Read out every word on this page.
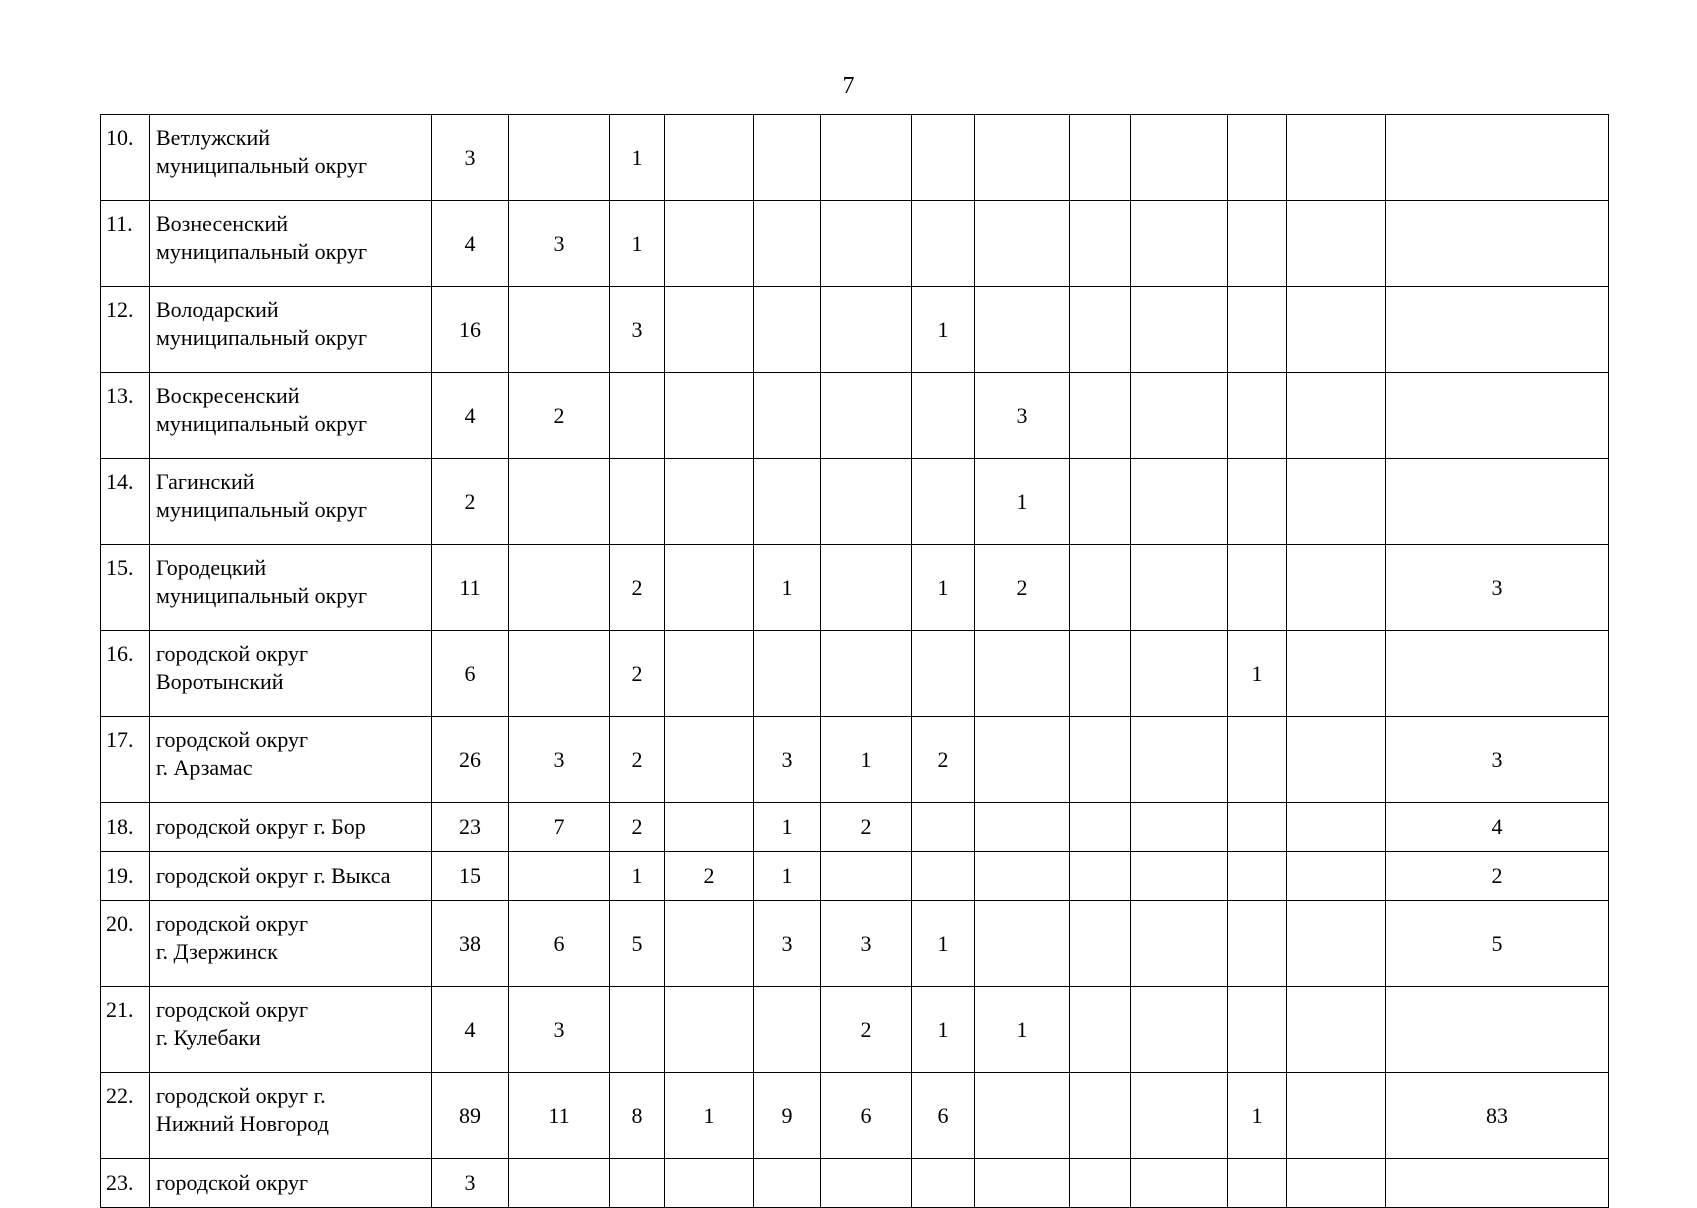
7
10.	Ветлужский
муниципальный округ	3		1										
11.	Вознесенский
муниципальный округ	4	3	1										
12.	Володарский
муниципальный округ	16		3				1						
13.	Воскресенский
муниципальный округ	4	2						3					
14.	Гагинский
муниципальный округ	2							1					
15.	Городецкий
муниципальный округ	11		2		1		1	2					3
16.	городской округ
Воротынский	6		2								1		
17.	городской округ
г. Арзамас	26	3	2		3	1	2						3
18.	городской округ г. Бор	23	7	2		1	2							4
19.	городской округ г. Выкса	15		1	2	1								2
20.	городской округ
г. Дзержинск	38	6	5		3	3	1						5
21.	городской округ
г. Кулебаки	4	3				2	1	1					
22.	городской округ г.
Нижний Новгород	89	11	8	1	9	6	6				1		83
23.	городской округ	3												
